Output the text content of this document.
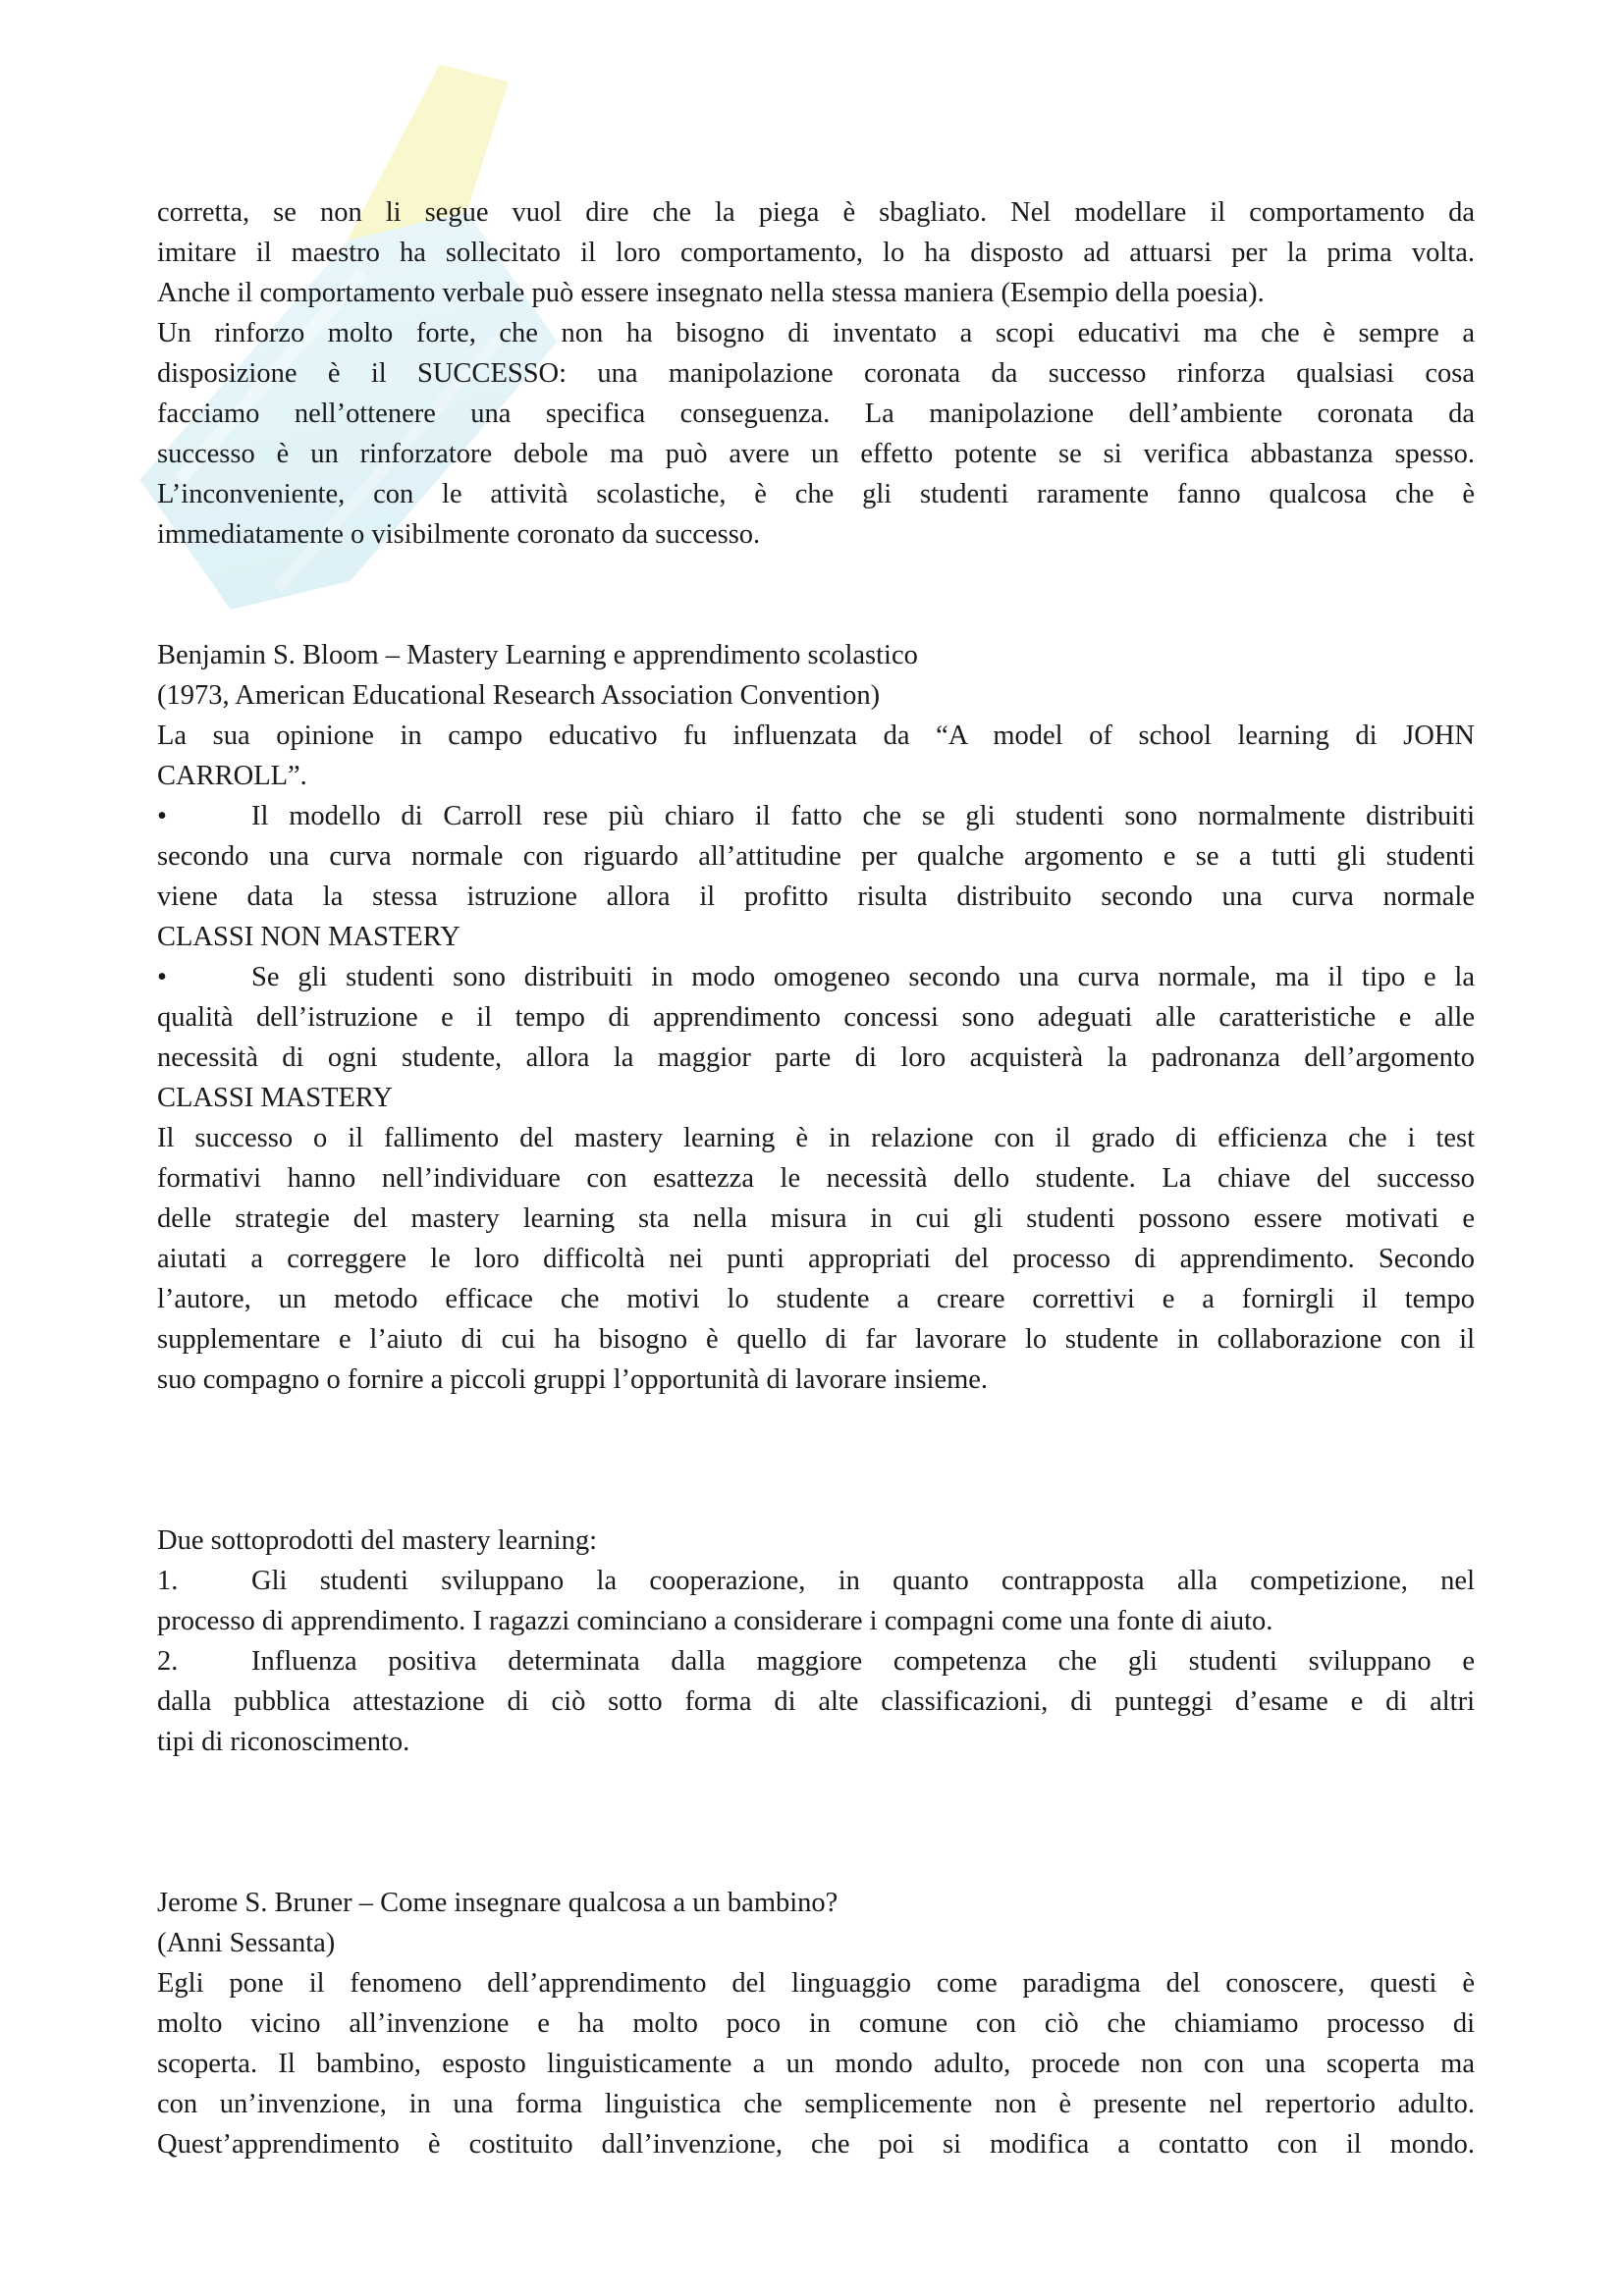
corretta, se non li segue vuol dire che la piega è sbagliato. Nel modellare il comportamento da

imitare il maestro ha sollecitato il loro comportamento, lo ha disposto ad attuarsi per la prima volta.

Anche il comportamento verbale può essere insegnato nella stessa maniera (Esempio della poesia).

Un rinforzo molto forte, che non ha bisogno di inventato a scopi educativi ma che è sempre a

disposizione è il SUCCESSO: una manipolazione coronata da successo rinforza qualsiasi cosa

facciamo nell’ottenere una specifica conseguenza. La manipolazione dell’ambiente coronata da

successo è un rinforzatore debole ma può avere un effetto potente se si verifica abbastanza spesso.

L’inconveniente, con le attività scolastiche, è che gli studenti raramente fanno qualcosa che è

immediatamente o visibilmente coronato da successo.

Benjamin S. Bloom – Mastery Learning e apprendimento scolastico

(1973, American Educational Research Association Convention)

La sua opinione in campo educativo fu influenzata da “A model of school learning di JOHN

CARROLL”.

•	Il modello di Carroll rese più chiaro il fatto che se gli studenti sono normalmente distribuiti

secondo una curva normale con riguardo all’attitudine per qualche argomento e se a tutti gli studenti

viene data la stessa istruzione allora il profitto risulta distribuito secondo una curva normale

CLASSI NON MASTERY

•	Se gli studenti sono distribuiti in modo omogeneo secondo una curva normale, ma il tipo e la

qualità dell’istruzione e il tempo di apprendimento concessi sono adeguati alle caratteristiche e alle

necessità di ogni studente, allora la maggior parte di loro acquisterà la padronanza dell’argomento

CLASSI MASTERY

Il successo o il fallimento del mastery learning è in relazione con il grado di efficienza che i test

formativi hanno nell’individuare con esattezza le necessità dello studente. La chiave del successo

delle strategie del mastery learning sta nella misura in cui gli studenti possono essere motivati e

aiutati a correggere le loro difficoltà nei punti appropriati del processo di apprendimento. Secondo

l’autore, un metodo efficace che motivi lo studente a creare correttivi e a fornirgli il tempo

supplementare e l’aiuto di cui ha bisogno è quello di far lavorare lo studente in collaborazione con il

suo compagno o fornire a piccoli gruppi l’opportunità di lavorare insieme.

Due sottoprodotti del mastery learning:

1.	Gli studenti sviluppano la cooperazione, in quanto contrapposta alla competizione, nel

processo di apprendimento. I ragazzi cominciano a considerare i compagni come una fonte di aiuto.

2.	Influenza positiva determinata dalla maggiore competenza che gli studenti sviluppano e

dalla pubblica attestazione di ciò sotto forma di alte classificazioni, di punteggi d’esame e di altri

tipi di riconoscimento.

Jerome S. Bruner – Come insegnare qualcosa a un bambino?

(Anni Sessanta)

Egli pone il fenomeno dell’apprendimento del linguaggio come paradigma del conoscere, questi è

molto vicino all’invenzione e ha molto poco in comune con ciò che chiamiamo processo di

scoperta. Il bambino, esposto linguisticamente a un mondo adulto, procede non con una scoperta ma

con un’invenzione, in una forma linguistica che semplicemente non è presente nel repertorio adulto.

Quest’apprendimento è costituito dall’invenzione, che poi si modifica a contatto con il mondo.
